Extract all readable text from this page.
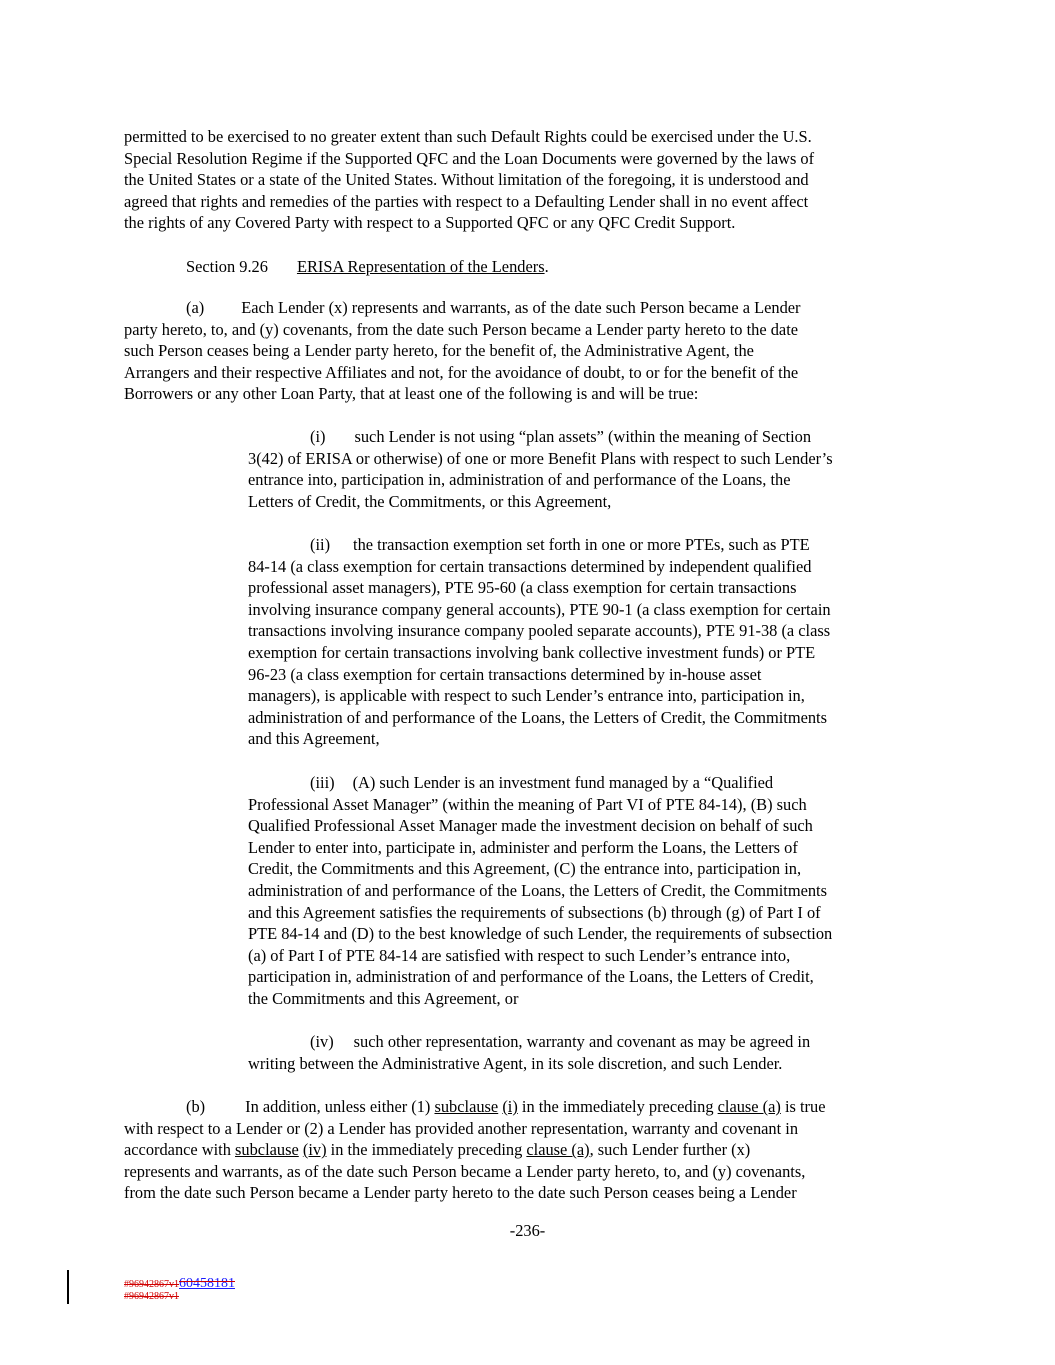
permitted to be exercised to no greater extent than such Default Rights could be exercised under the U.S.
Special Resolution Regime if the Supported QFC and the Loan Documents were governed by the laws of
the United States or a state of the United States. Without limitation of the foregoing, it is understood and
agreed that rights and remedies of the parties with respect to a Defaulting Lender shall in no event affect
the rights of any Covered Party with respect to a Supported QFC or any QFC Credit Support.
Section 9.26 ERISA Representation of the Lenders.
(a) Each Lender (x) represents and warrants, as of the date such Person became a Lender
party hereto, to, and (y) covenants, from the date such Person became a Lender party hereto to the date
such Person ceases being a Lender party hereto, for the benefit of, the Administrative Agent, the
Arrangers and their respective Affiliates and not, for the avoidance of doubt, to or for the benefit of the
Borrowers or any other Loan Party, that at least one of the following is and will be true:
(i) such Lender is not using “plan assets” (within the meaning of Section
3(42) of ERISA or otherwise) of one or more Benefit Plans with respect to such Lender’s
entrance into, participation in, administration of and performance of the Loans, the
Letters of Credit, the Commitments, or this Agreement,
(ii) the transaction exemption set forth in one or more PTEs, such as PTE
84-14 (a class exemption for certain transactions determined by independent qualified
professional asset managers), PTE 95-60 (a class exemption for certain transactions
involving insurance company general accounts), PTE 90-1 (a class exemption for certain
transactions involving insurance company pooled separate accounts), PTE 91-38 (a class
exemption for certain transactions involving bank collective investment funds) or PTE
96-23 (a class exemption for certain transactions determined by in-house asset
managers), is applicable with respect to such Lender’s entrance into, participation in,
administration of and performance of the Loans, the Letters of Credit, the Commitments
and this Agreement,
(iii) (A) such Lender is an investment fund managed by a “Qualified
Professional Asset Manager” (within the meaning of Part VI of PTE 84-14), (B) such
Qualified Professional Asset Manager made the investment decision on behalf of such
Lender to enter into, participate in, administer and perform the Loans, the Letters of
Credit, the Commitments and this Agreement, (C) the entrance into, participation in,
administration of and performance of the Loans, the Letters of Credit, the Commitments
and this Agreement satisfies the requirements of subsections (b) through (g) of Part I of
PTE 84-14 and (D) to the best knowledge of such Lender, the requirements of subsection
(a) of Part I of PTE 84-14 are satisfied with respect to such Lender’s entrance into,
participation in, administration of and performance of the Loans, the Letters of Credit,
the Commitments and this Agreement, or
(iv) such other representation, warranty and covenant as may be agreed in
writing between the Administrative Agent, in its sole discretion, and such Lender.
(b) In addition, unless either (1) subclause (i) in the immediately preceding clause (a) is true
with respect to a Lender or (2) a Lender has provided another representation, warranty and covenant in
accordance with subclause (iv) in the immediately preceding clause (a), such Lender further (x)
represents and warrants, as of the date such Person became a Lender party hereto, to, and (y) covenants,
from the date such Person became a Lender party hereto to the date such Person ceases being a Lender
-236-
#96942867v160458181
#96942867v1
